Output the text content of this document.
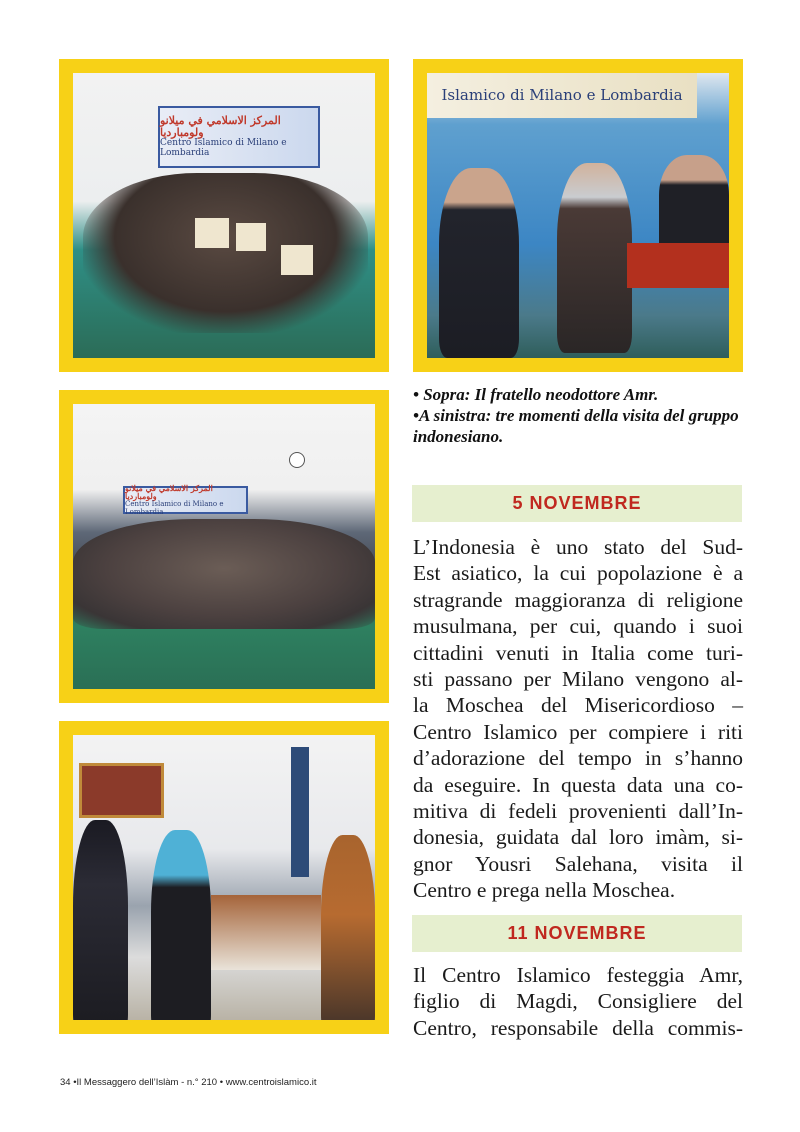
المركز الاسلامي في ميلانو ولومبارديا
Centro Islamico di Milano e Lombardia
Islamico di Milano e Lombardia
المركز الاسلامي في ميلانو ولومبارديا
Centro Islamico di Milano e Lombardia

• Sopra: Il fratello neodottore Amr.

•A sinistra: tre momenti della visita del gruppo indonesiano.

5 NOVEMBRE
L’Indonesia è uno stato del Sud-
Est asiatico, la cui popolazione è a
stragrande maggioranza di religione
musulmana, per cui, quando i suoi
cittadini venuti in Italia come turi-
sti passano per Milano vengono al-
la Moschea del Misericordioso –
Centro Islamico per compiere i riti
d’adorazione del tempo in s’hanno
da eseguire. In questa data una co-
mitiva di fedeli provenienti dall’In-
donesia, guidata dal loro imàm, si-
gnor Yousri Salehana, visita il
Centro e prega nella Moschea.
11 NOVEMBRE
Il Centro Islamico festeggia Amr,
figlio di Magdi, Consigliere del
Centro, responsabile della commis-
34 •Il Messaggero dell’Islàm - n.° 210 • www.centroislamico.it
